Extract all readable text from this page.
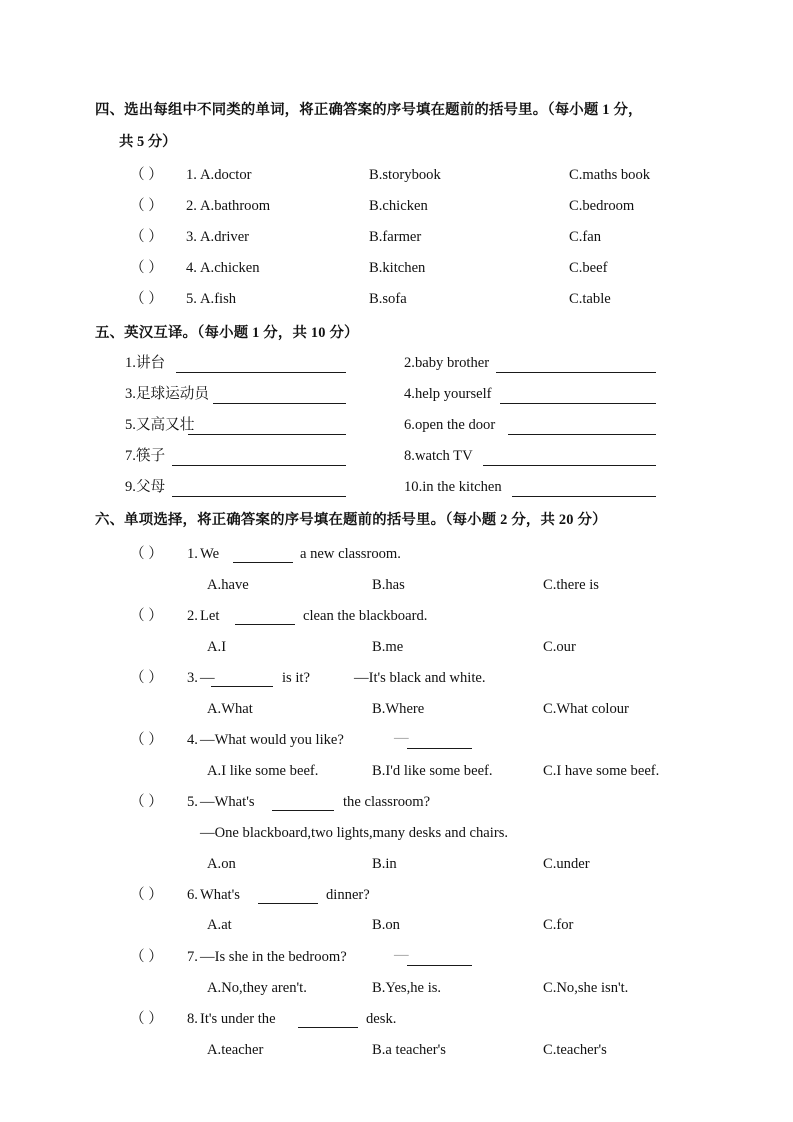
四、选出每组中不同类的单词，将正确答案的序号填在题前的括号里。（每小题 1 分，
共 5 分）
（ ） 1. A.doctor	B.storybook	C.maths book
（ ） 2. A.bathroom	B.chicken	C.bedroom
（ ） 3. A.driver	B.farmer	C.fan
（ ） 4. A.chicken	B.kitchen	C.beef
（ ） 5. A.fish	B.sofa	C.table
五、英汉互译。（每小题 1 分，共 10 分）
1.讲台	2.baby brother
3.足球运动员	4.help yourself
5.又高又壮	6.open the door
7.筷子	8.watch TV
9.父母	10.in the kitchen
六、单项选择，将正确答案的序号填在题前的括号里。（每小题 2 分，共 20 分）
（ ） 1. We	a new classroom.
A.have	B.has	C.there is
（ ） 2. Let	clean the blackboard.
A.I	B.me	C.our
（ ） 3. —	is it?	—It's black and white.
A.What	B.Where	C.What colour
（ ） 4. —What would you like?	—
A.I like some beef.	B.I'd like some beef.	C.I have some beef.
（ ） 5. —What's	the classroom?
—One blackboard,two lights,many desks and chairs.
A.on	B.in	C.under
（ ） 6. What's	dinner?
A.at	B.on	C.for
（ ） 7. —Is she in the bedroom?	—
A.No,they aren't.	B.Yes,he is.	C.No,she isn't.
（ ） 8. It's under the	desk.
A.teacher	B.a teacher's	C.teacher's
